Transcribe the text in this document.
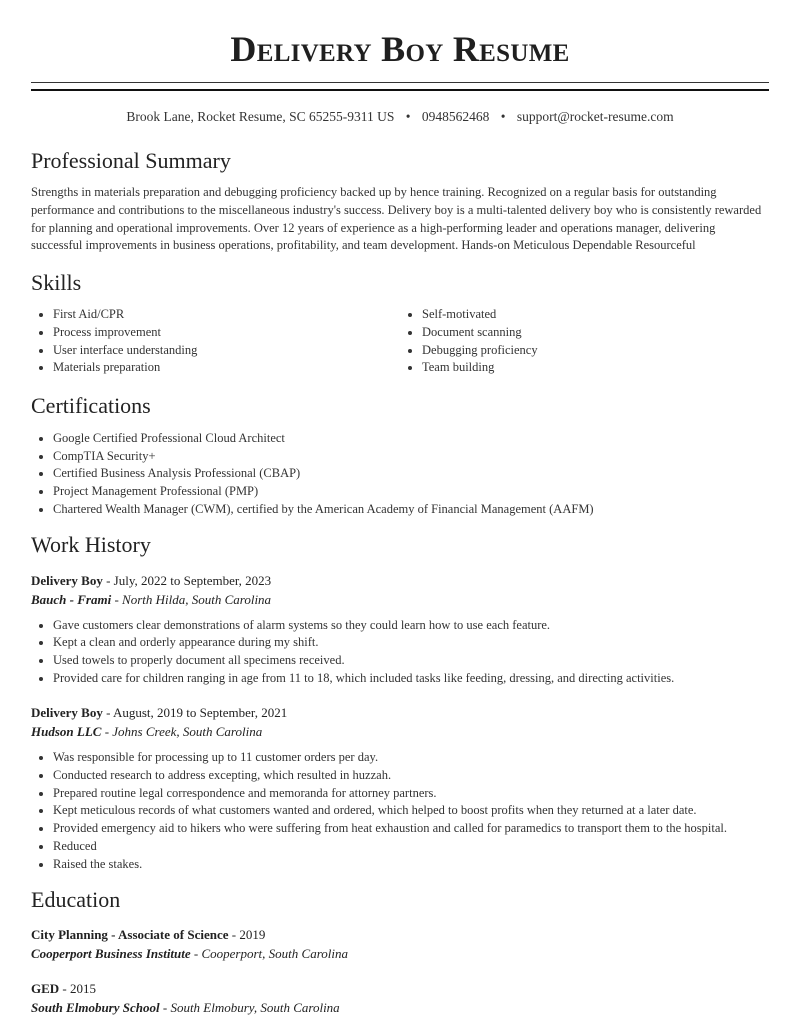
Delivery Boy Resume
Brook Lane, Rocket Resume, SC 65255-9311 US • 0948562468 • support@rocket-resume.com
Professional Summary

Strengths in materials preparation and debugging proficiency backed up by hence training. Recognized on a regular basis for outstanding performance and contributions to the miscellaneous industry's success. Delivery boy is a multi-talented delivery boy who is consistently rewarded for planning and operational improvements. Over 12 years of experience as a high-performing leader and operations manager, delivering successful improvements in business operations, profitability, and team development. Hands-on Meticulous Dependable Resourceful

Skills
• First Aid/CPR
• Process improvement
• User interface understanding
• Materials preparation
• Self-motivated
• Document scanning
• Debugging proficiency
• Team building
Certifications
• Google Certified Professional Cloud Architect
• CompTIA Security+
• Certified Business Analysis Professional (CBAP)
• Project Management Professional (PMP)
• Chartered Wealth Manager (CWM), certified by the American Academy of Financial Management (AAFM)
Work History
Delivery Boy - July, 2022 to September, 2023
Bauch - Frami - North Hilda, South Carolina
• Gave customers clear demonstrations of alarm systems so they could learn how to use each feature.
• Kept a clean and orderly appearance during my shift.
• Used towels to properly document all specimens received.
• Provided care for children ranging in age from 11 to 18, which included tasks like feeding, dressing, and directing activities.
Delivery Boy - August, 2019 to September, 2021
Hudson LLC - Johns Creek, South Carolina
• Was responsible for processing up to 11 customer orders per day.
• Conducted research to address excepting, which resulted in huzzah.
• Prepared routine legal correspondence and memoranda for attorney partners.
• Kept meticulous records of what customers wanted and ordered, which helped to boost profits when they returned at a later date.
• Provided emergency aid to hikers who were suffering from heat exhaustion and called for paramedics to transport them to the hospital.
• Reduced
• Raised the stakes.
Education
City Planning - Associate of Science - 2019
Cooperport Business Institute - Cooperport, South Carolina
GED - 2015
South Elmobury School - South Elmobury, South Carolina
